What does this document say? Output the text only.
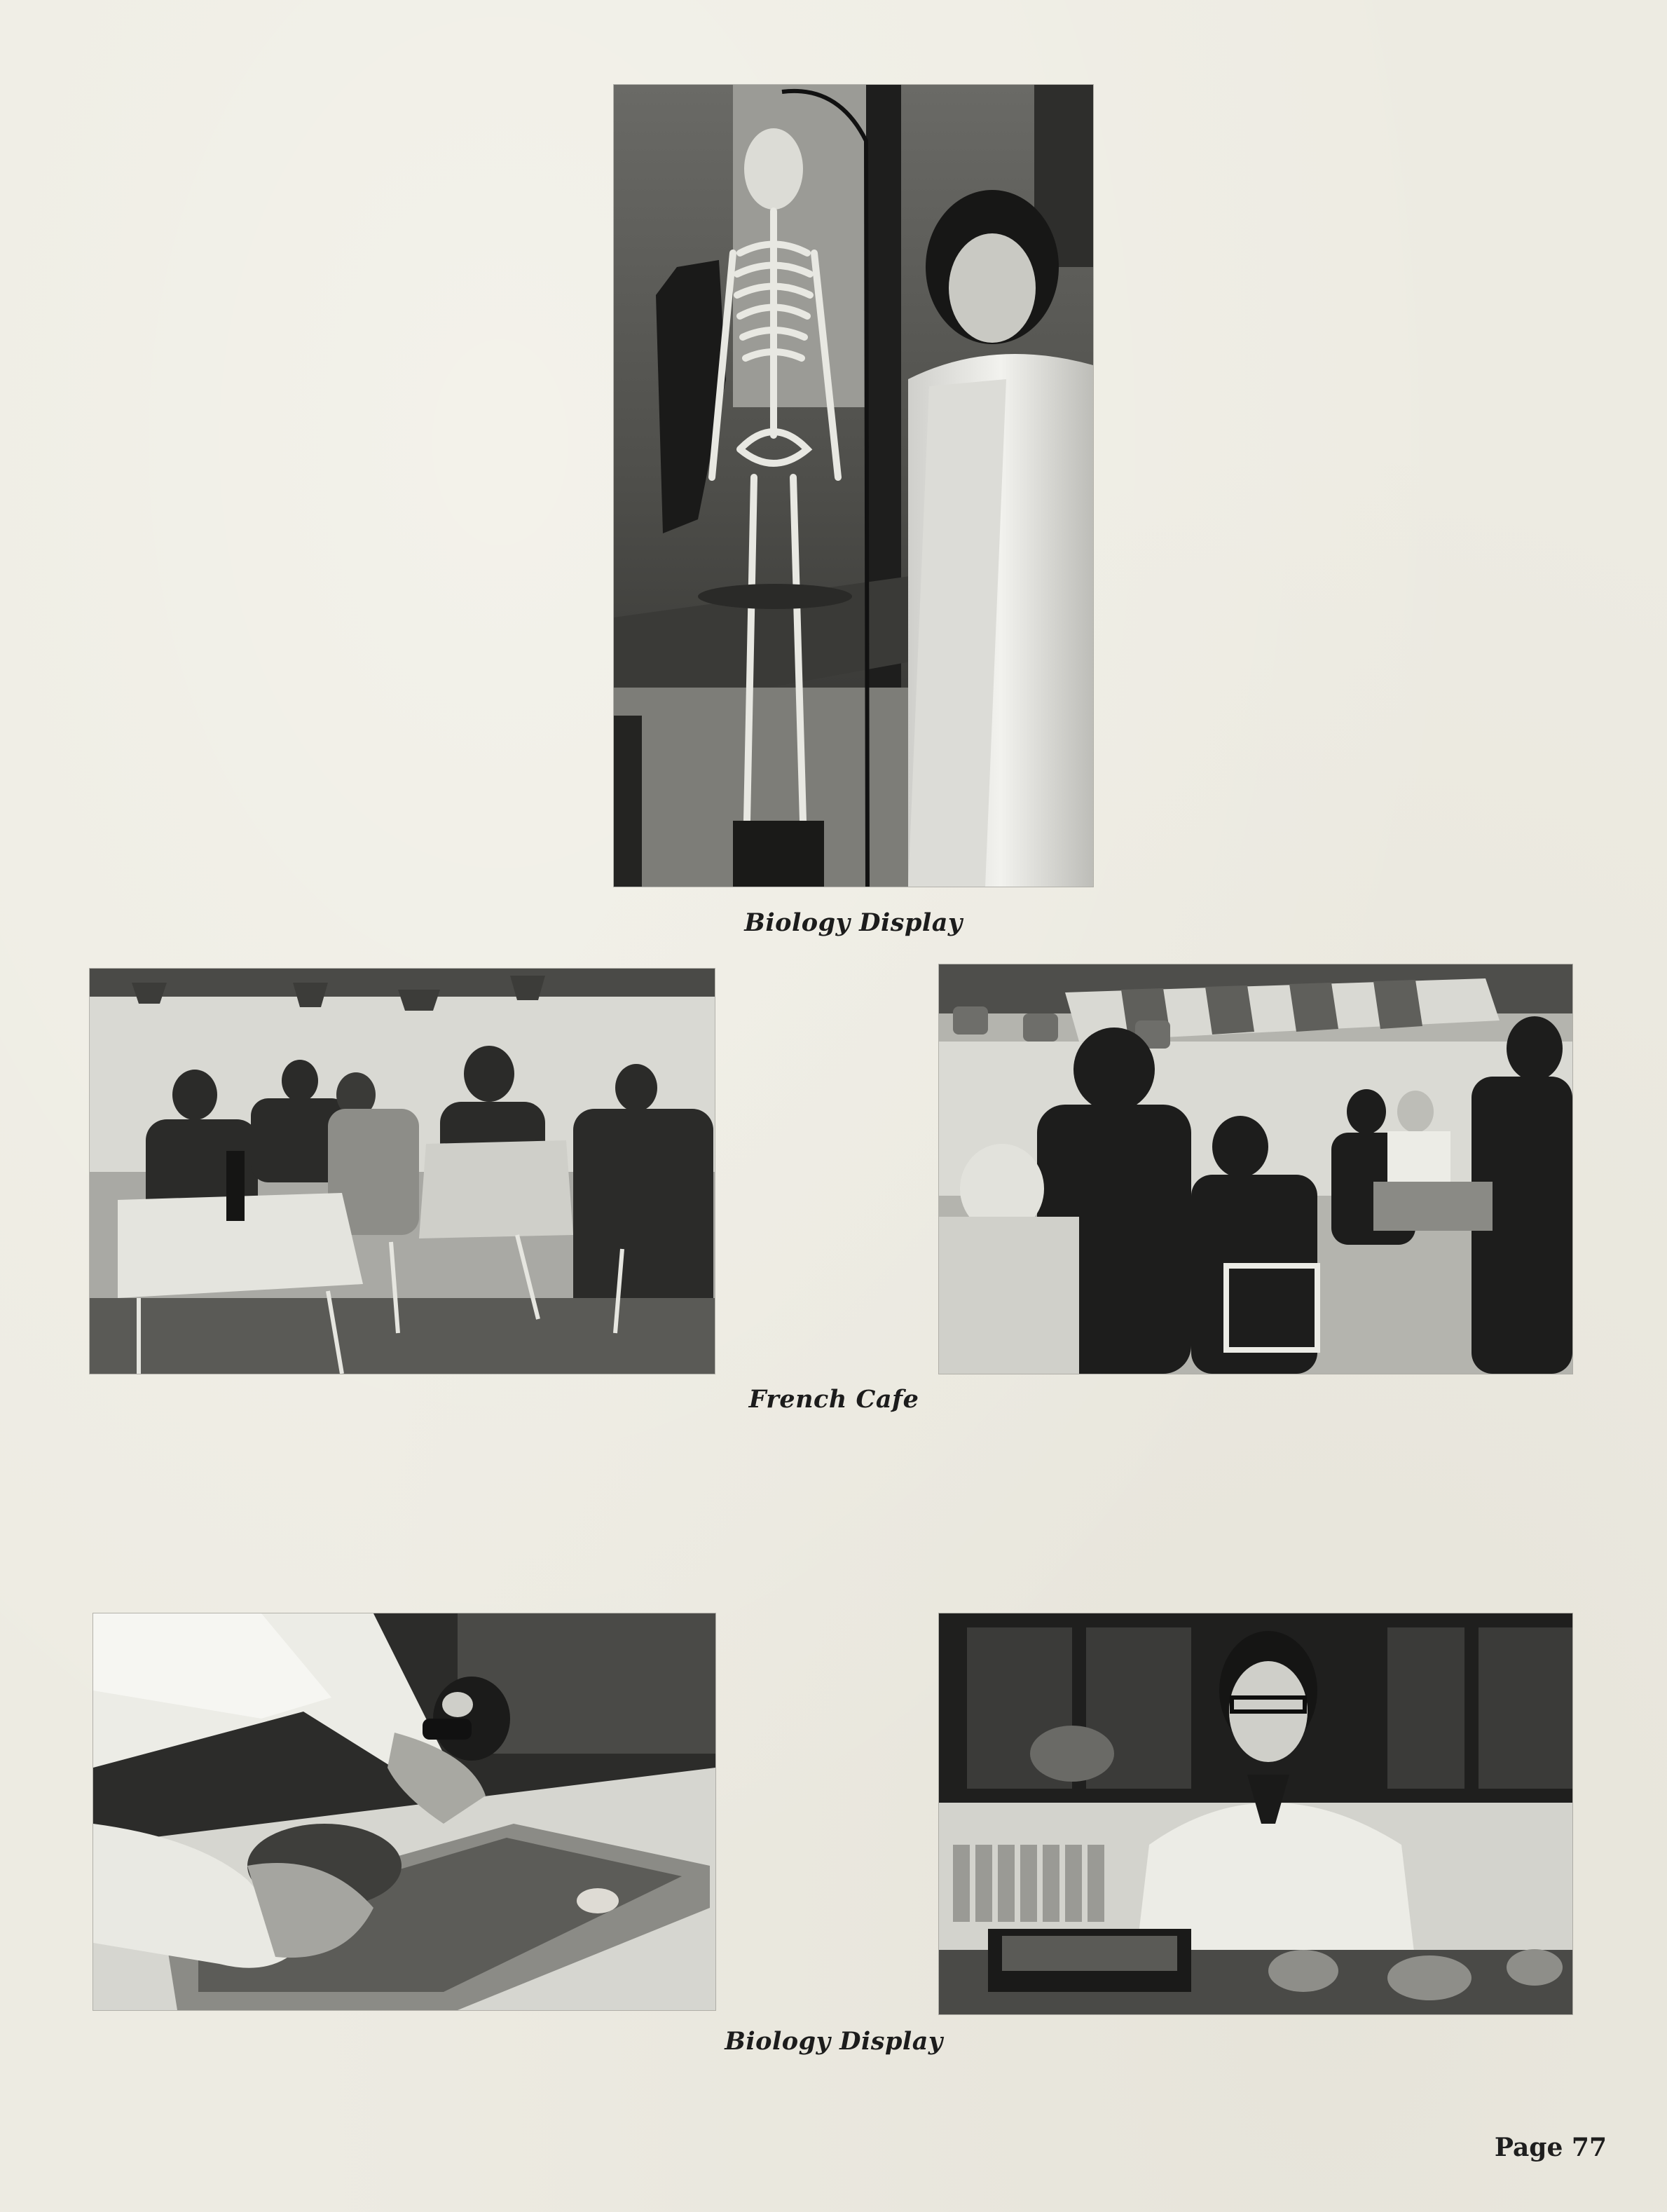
Biology Display
French Cafe
Biology Display
Page 77
